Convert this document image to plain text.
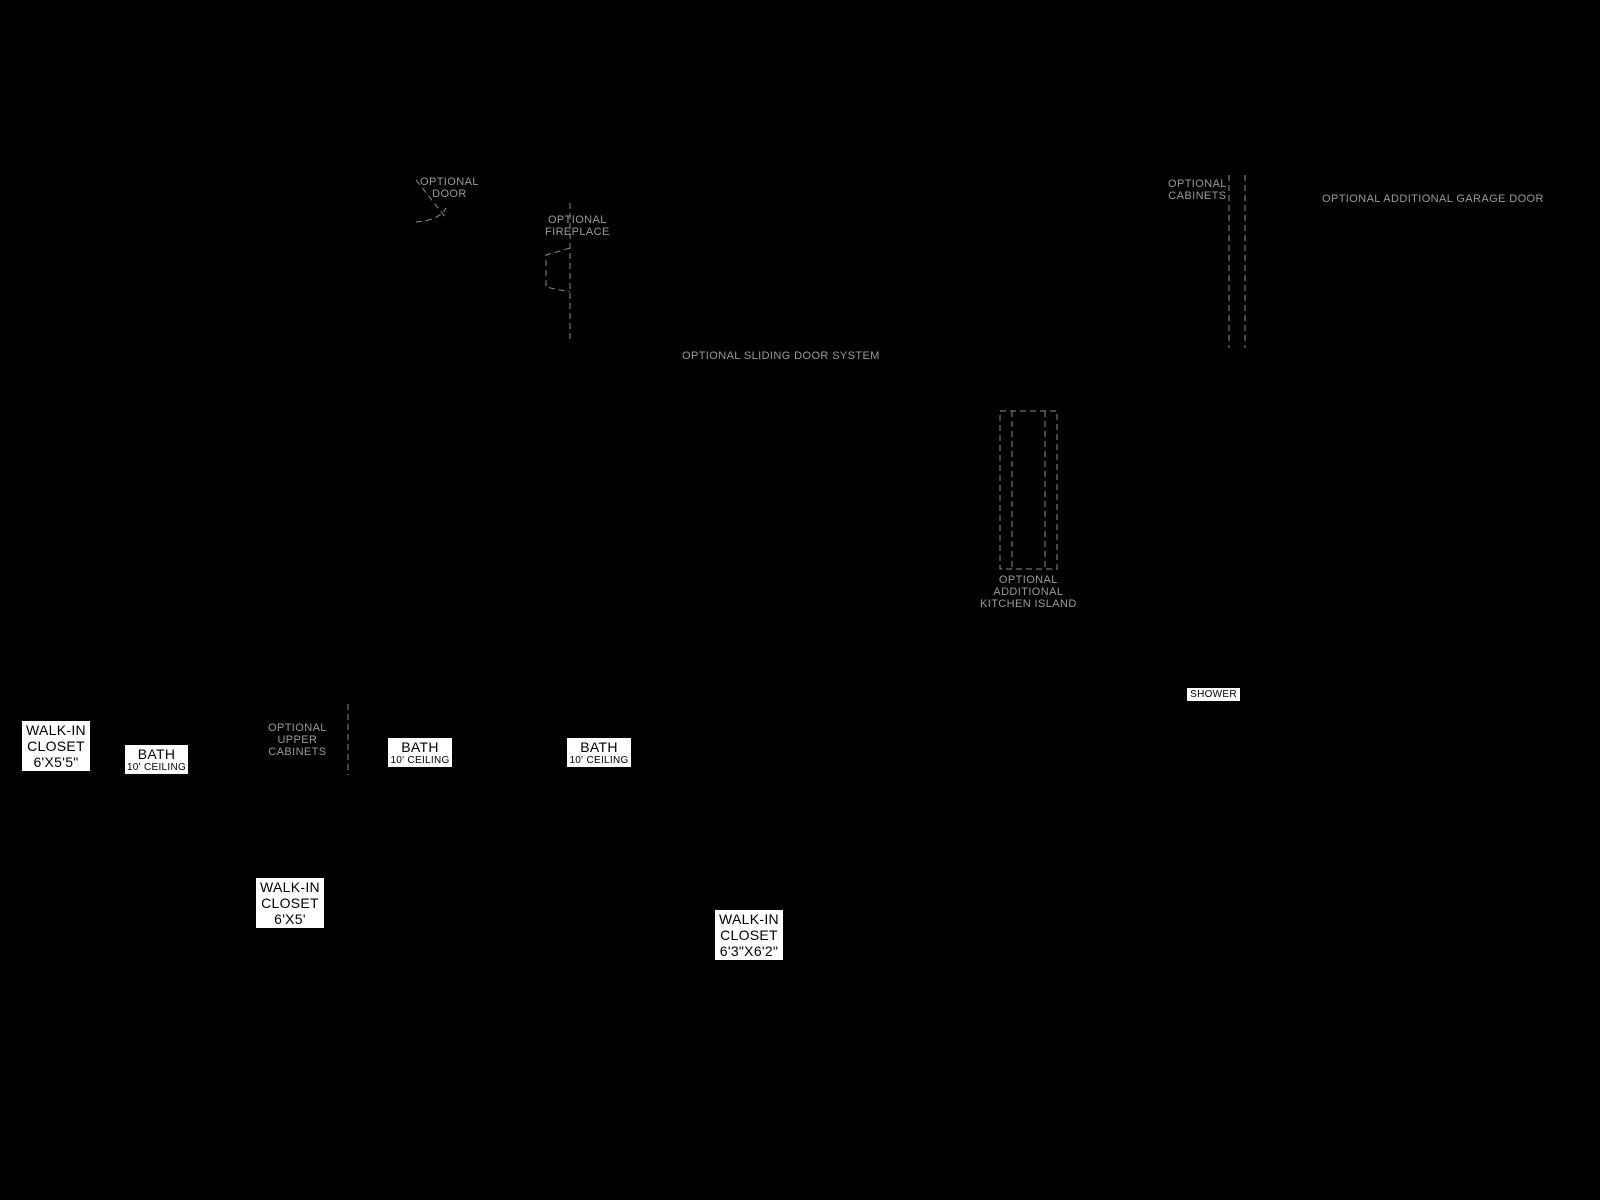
OPTIONAL
DOOR
OPTIONAL
FIREPLACE
OPTIONAL
CABINETS	OPTIONAL ADDITIONAL GARAGE DOOR
OPTIONAL SLIDING DOOR SYSTEM
OPTIONAL
ADDITIONAL
KITCHEN ISLAND
OPTIONAL
UPPER
CABINETS
WALK-IN
CLOSET
6'X5'5"	BATH
10' CEILING
BATH
10' CEILING
BATH
10' CEILING
WALK-IN
CLOSET
6'X5'	WALK-IN
CLOSET
6'3"X6'2"
SHOWER
